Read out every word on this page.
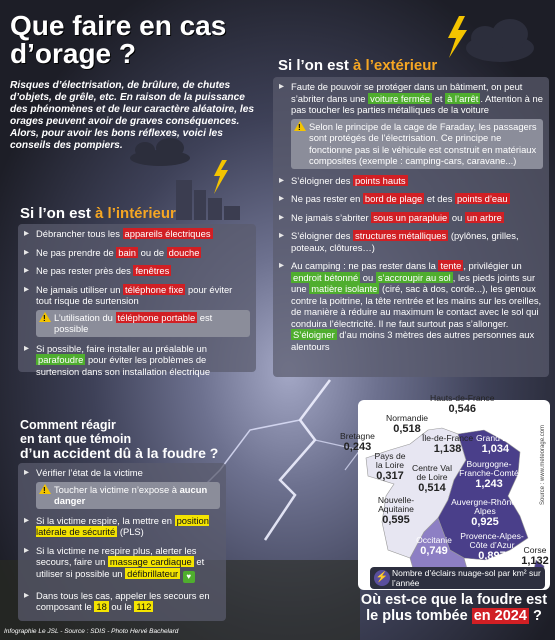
Que faire en cas d’orage ?

Risques d’électrisation, de brûlure, de chutes d’objets, de grêle, etc. En raison de la puissance des phénomènes et de leur caractère aléatoire, les orages peuvent avoir de graves conséquences. Alors, pour avoir les bons réflexes, voici les conseils des pompiers.

Si l’on est à l’extérieur
▸ Faute de pouvoir se protéger dans un bâtiment, on peut s’abriter dans une voiture fermée et à l’arrêt . Attention à ne pas toucher les parties métalliques de la voiture
!
Selon le principe de la cage de Faraday, les passagers sont protégés de l’électrisation. Ce principe ne fonctionne pas si le véhicule est construit en matériaux composites (exemple : camping-cars, caravane...)
▸ S’éloigner des points hauts
▸ Ne pas rester en bord de plage et des points d’eau
▸ Ne jamais s’abriter sous un parapluie ou un arbre
▸ S’éloigner des structures métalliques (pylônes, grilles, poteaux, clôtures…)
▸ Au camping : ne pas rester dans la tente , privilégier un endroit bétonné ou s’accroupir au sol , les pieds joints sur une matière isolante (ciré, sac à dos, corde...), les genoux contre la poitrine, la tête rentrée et les mains sur les oreilles, de manière à réduire au maximum le contact avec le sol qui conduira l’électricité. Il ne faut surtout pas s’allonger. S’éloigner d’au moins 3 mètres des autres personnes aux alentours
Si l’on est à l’intérieur
▸ Débrancher tous les appareils électriques
▸ Ne pas prendre de bain ou de douche
▸ Ne pas rester près des fenêtres
▸ Ne jamais utiliser un téléphone fixe pour éviter tout risque de surtension
!
L’utilisation du téléphone portable est possible
▸ Si possible, faire installer au préalable un parafoudre pour éviter les problèmes de surtension dans son installation électrique
Comment réagir
en tant que témoin
d’un accident dû à la foudre ?
▸ Vérifier l’état de la victime
!
Toucher la victime n’expose à aucun danger
▸ Si la victime respire, la mettre en position latérale de sécurité (PLS)
▸ Si la victime ne respire plus, alerter les secours, faire un massage cardiaque et utiliser si possible un défibrillateur ♥
▸ Dans tous les cas, appeler les secours en composant le 18 ou le 112
Hauts-de-France
0,546
Normandie
0,518
Bretagne
0,243
Île-de-France
1,138
Grand Est
1,034
Pays de la Loire
0,317
Centre Val de Loire
0,514
Bourgogne-Franche-Comté
1,243
Nouvelle-Aquitaine
0,595
Auvergne-Rhône-Alpes
0,925
Occitanie
0,749
Provence-Alpes-Côte d’Azur
0,897	Corse
1,132
Source : www.meteorage.com
⚡ Nombre d’éclairs nuage-sol par km² sur l’année
Où est-ce que la foudre est
le plus tombée en 2024 ?
Infographie Le JSL - Source : SDIS - Photo Hervé Bachelard
